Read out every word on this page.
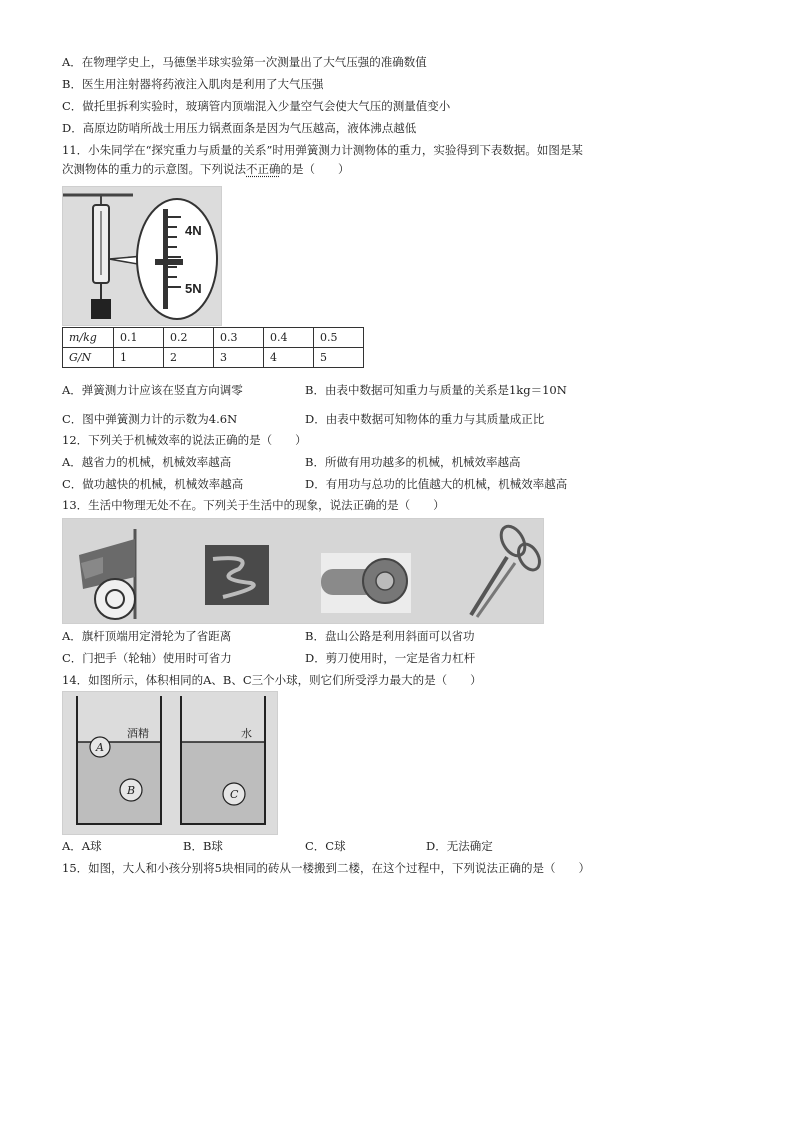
A．在物理学史上，马德堡半球实验第一次测量出了大气压强的准确数值
B．医生用注射器将药液注入肌肉是利用了大气压强
C．做托里拆利实验时，玻璃管内顶端混入少量空气会使大气压的测量值变小
D．高原边防哨所战士用压力锅煮面条是因为气压越高，液体沸点越低
11．小朱同学在“探究重力与质量的关系”时用弹簧测力计测物体的重力，实验得到下表数据。如图是某
次测物体的重力的示意图。下列说法不正确的是（　　）
4N
5N
m/kg	0.1	0.2	0.3	0.4	0.5
G/N	1	2	3	4	5
A．弹簧测力计应该在竖直方向调零	B．由表中数据可知重力与质量的关系是1kg＝10N
C．图中弹簧测力计的示数为4.6N	D．由表中数据可知物体的重力与其质量成正比
12．下列关于机械效率的说法正确的是（　　）
A．越省力的机械，机械效率越高	B．所做有用功越多的机械，机械效率越高
C．做功越快的机械，机械效率越高	D．有用功与总功的比值越大的机械，机械效率越高
13．生活中物理无处不在。下列关于生活中的现象，说法正确的是（　　）
A．旗杆顶端用定滑轮为了省距离	B．盘山公路是利用斜面可以省功
C．门把手（轮轴）使用时可省力	D．剪刀使用时，一定是省力杠杆
14．如图所示，体积相同的A、B、C三个小球，则它们所受浮力最大的是（　　）
A
酒精
B
水
C
A．A球	B．B球	C．C球	D．无法确定
15．如图，大人和小孩分别将5块相同的砖从一楼搬到二楼，在这个过程中，下列说法正确的是（　　）
